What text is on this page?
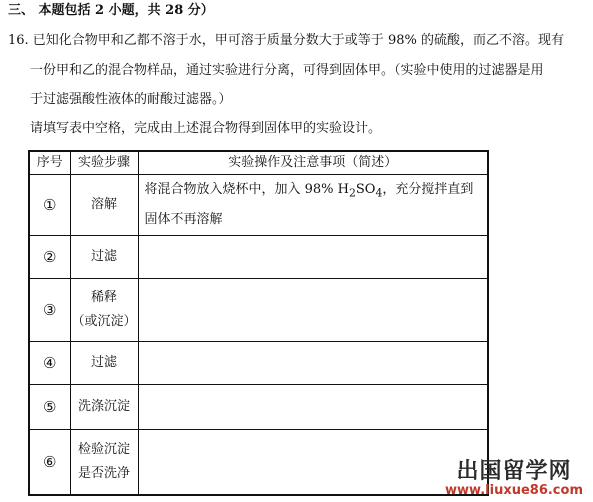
三、 本题包括 2 小题，共 28 分）
16. 已知化合物甲和乙都不溶于水，甲可溶于质量分数大于或等于 98% 的硫酸，而乙不溶。现有
一份甲和乙的混合物样品，通过实验进行分离，可得到固体甲。（实验中使用的过滤器是用
于过滤强酸性液体的耐酸过滤器。）
请填写表中空格，完成由上述混合物得到固体甲的实验设计。
序号	实验步骤	实验操作及注意事项（简述）
①	溶解	将混合物放入烧杯中，加入 98% $H_2SO_4$，充分搅拌直到
固体不再溶解
②	过滤	
③	稀释
（或沉淀）	
④	过滤	
⑤	洗涤沉淀	
⑥	检验沉淀
是否洗净		出国留学网
www.liuxue86.com
